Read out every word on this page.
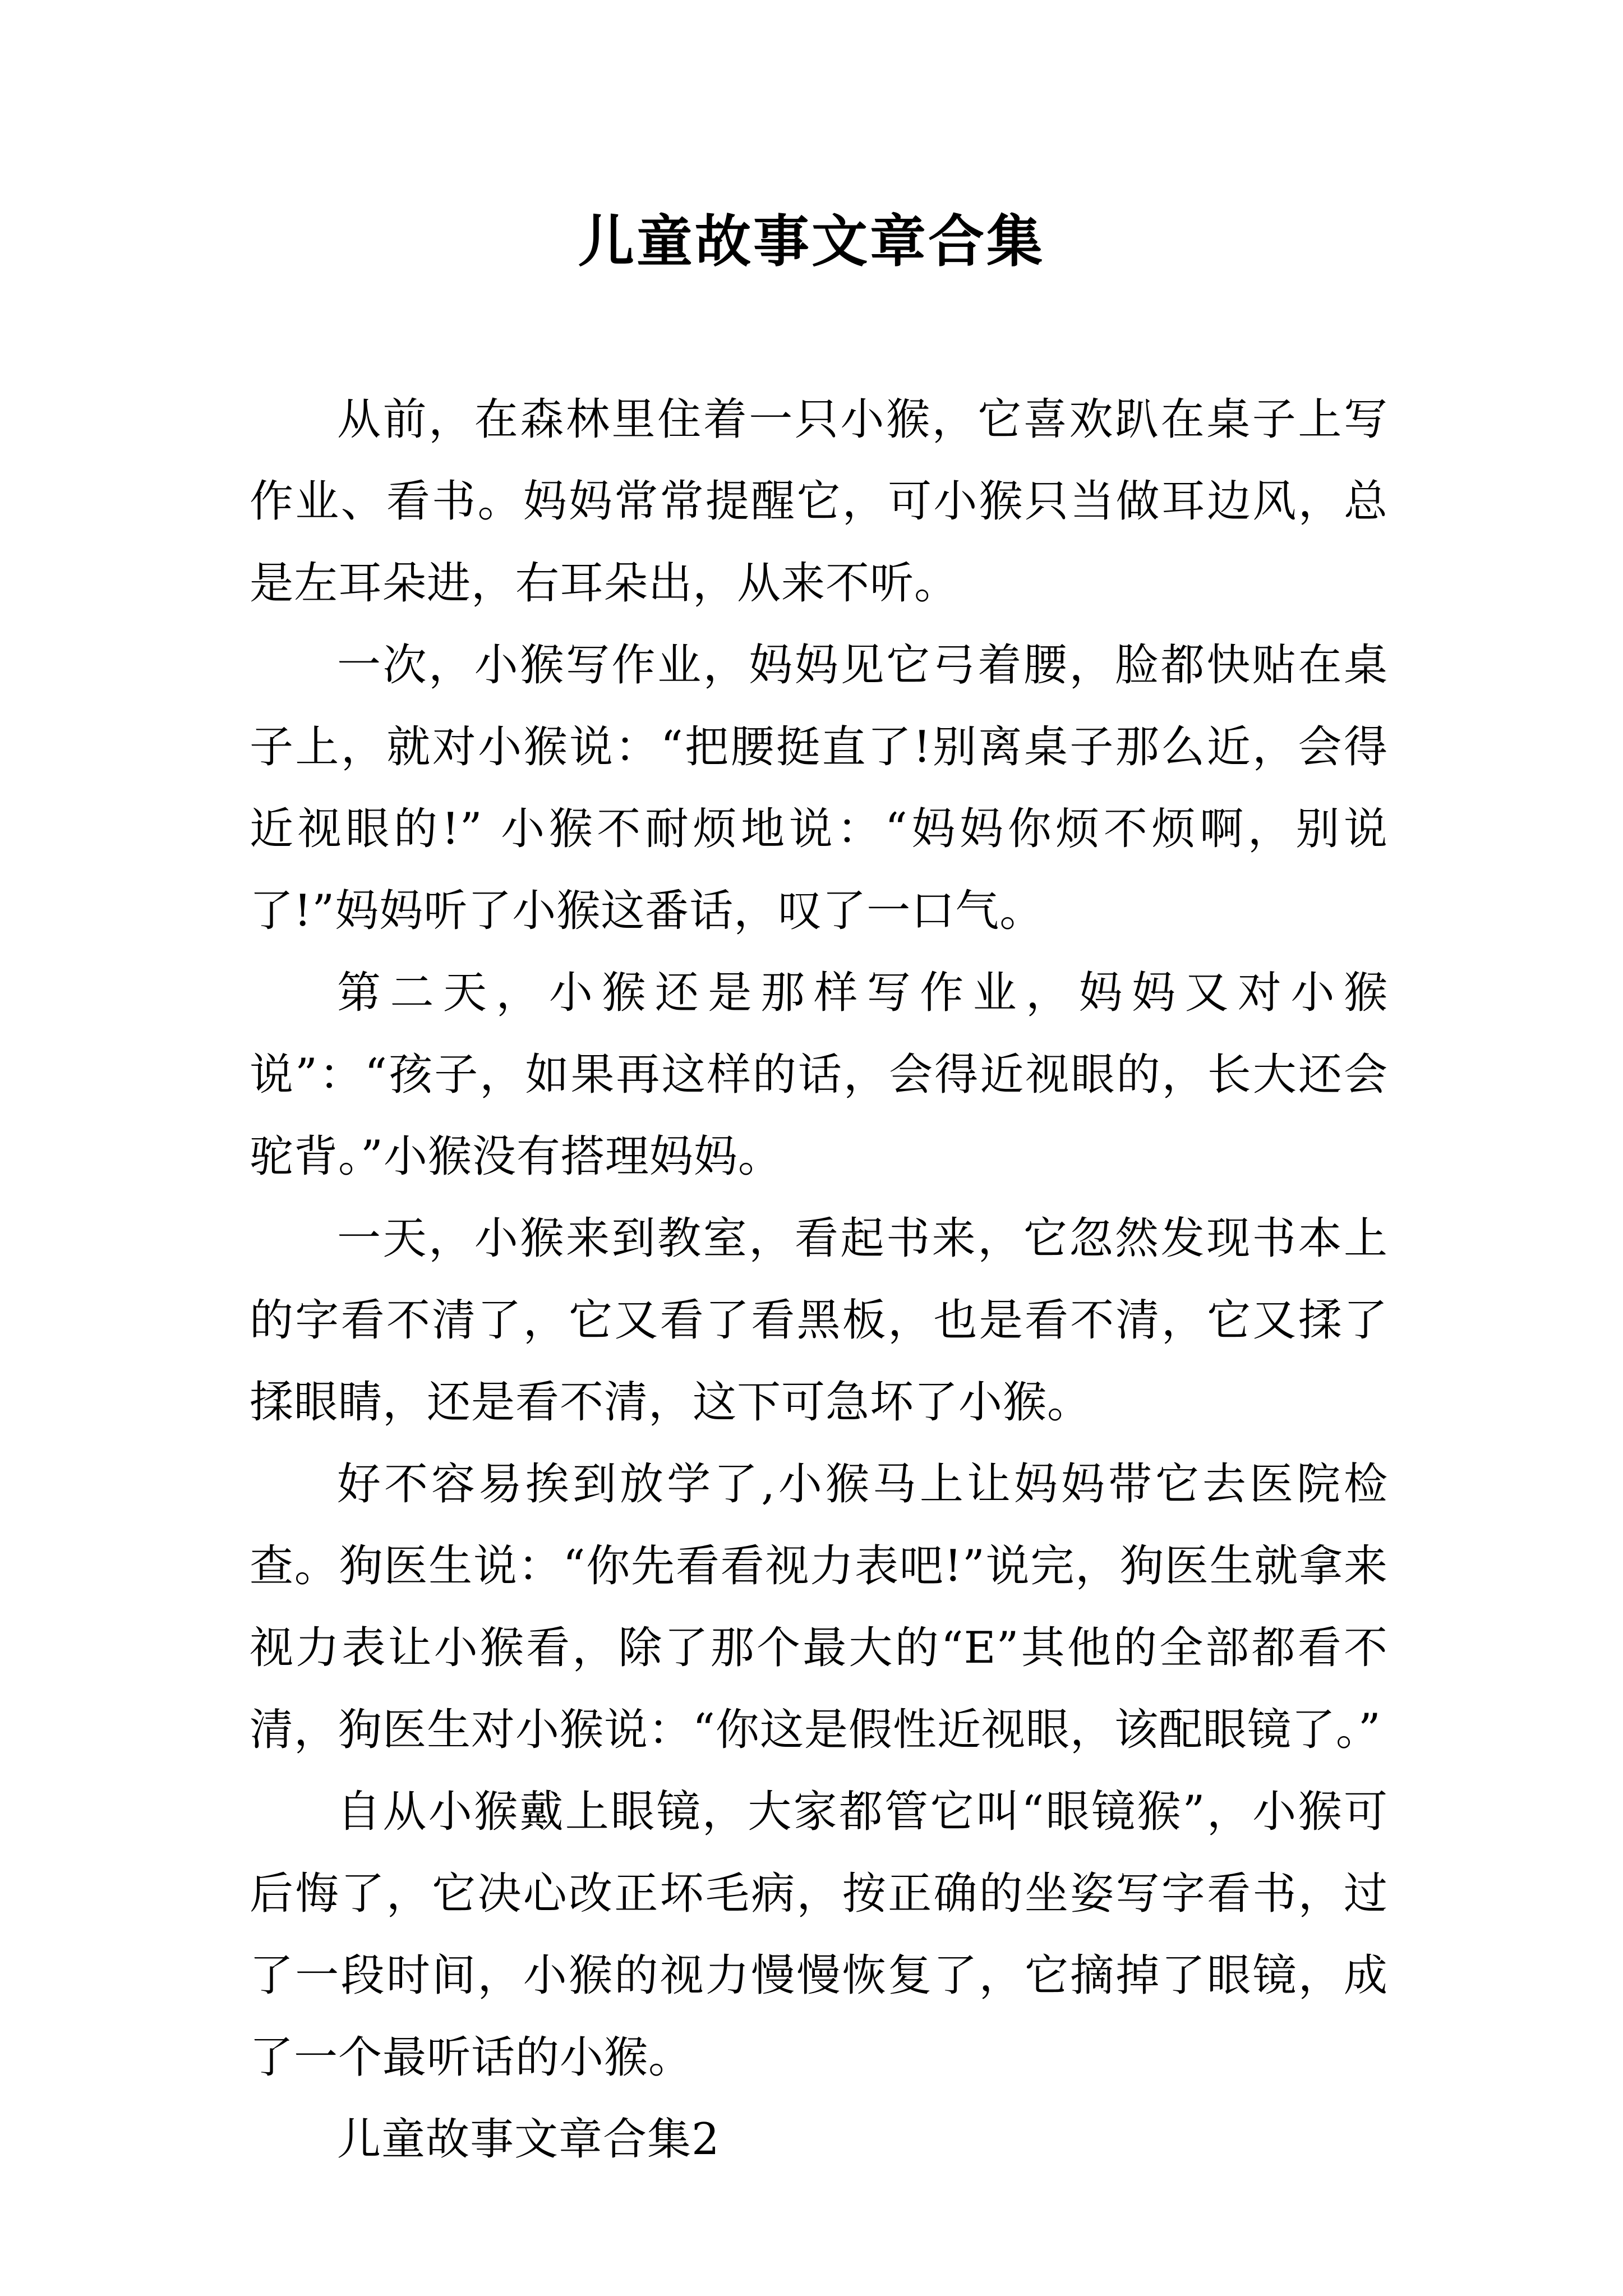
儿童故事文章合集

从前，在森林里住着一只小猴，它喜欢趴在桌子上写作业、看书。妈妈常常提醒它，可小猴只当做耳边风，总是左耳朵进，右耳朵出，从来不听。

一次，小猴写作业，妈妈见它弓着腰，脸都快贴在桌子上，就对小猴说：“把腰挺直了!别离桌子那么近，会得近视眼的!” 小猴不耐烦地说：“妈妈你烦不烦啊，别说了!”妈妈听了小猴这番话，叹了一口气。

第二天，小猴还是那样写作业，妈妈又对小猴说”：“孩子，如果再这样的话，会得近视眼的，长大还会驼背。”小猴没有搭理妈妈。

一天，小猴来到教室，看起书来，它忽然发现书本上的字看不清了，它又看了看黑板，也是看不清，它又揉了揉眼睛，还是看不清，这下可急坏了小猴。

好不容易挨到放学了,小猴马上让妈妈带它去医院检查。狗医生说：“你先看看视力表吧!”说完，狗医生就拿来视力表让小猴看，除了那个最大的“E”其他的全部都看不清，狗医生对小猴说：“你这是假性近视眼，该配眼镜了。”

自从小猴戴上眼镜，大家都管它叫“眼镜猴”，小猴可后悔了，它决心改正坏毛病，按正确的坐姿写字看书，过了一段时间，小猴的视力慢慢恢复了，它摘掉了眼镜，成了一个最听话的小猴。

儿童故事文章合集2
